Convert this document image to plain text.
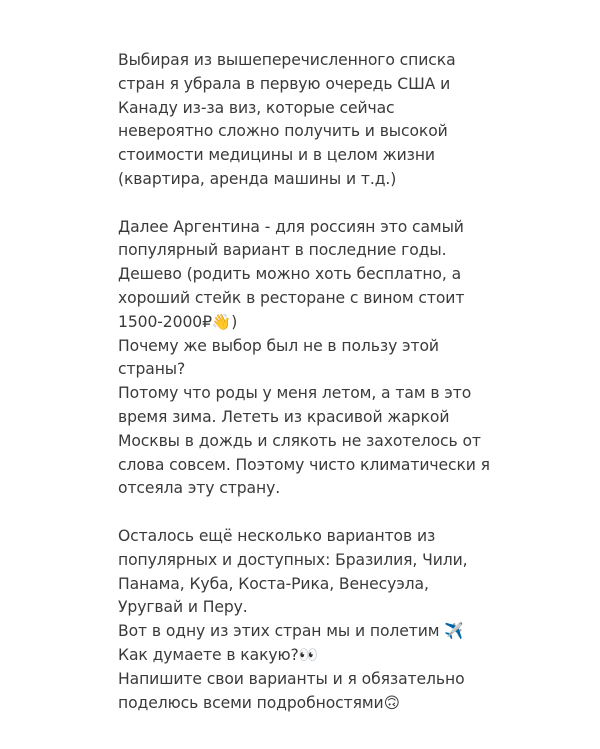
Выбирая из вышеперечисленного списка
стран я убрала в первую очередь США и
Канаду из-за виз, которые сейчас
невероятно сложно получить и высокой
стоимости медицины и в целом жизни
(квартира, аренда машины и т.д.)
Далее Аргентина - для россиян это самый
популярный вариант в последние годы.
Дешево (родить можно хоть бесплатно, а
хороший стейк в ресторане с вином стоит
1500-2000₽👋)
Почему же выбор был не в пользу этой
страны?
Потому что роды у меня летом, а там в это
время зима. Лететь из красивой жаркой
Москвы в дождь и слякоть не захотелось от
слова совсем. Поэтому чисто климатически я
отсеяла эту страну.
Осталось ещё несколько вариантов из
популярных и доступных: Бразилия, Чили,
Панама, Куба, Коста-Рика, Венесуэла,
Уругвай и Перу.
Вот в одну из этих стран мы и полетим ✈️
Как думаете в какую?👀
Напишите свои варианты и я обязательно
поделюсь всеми подробностями🙃
